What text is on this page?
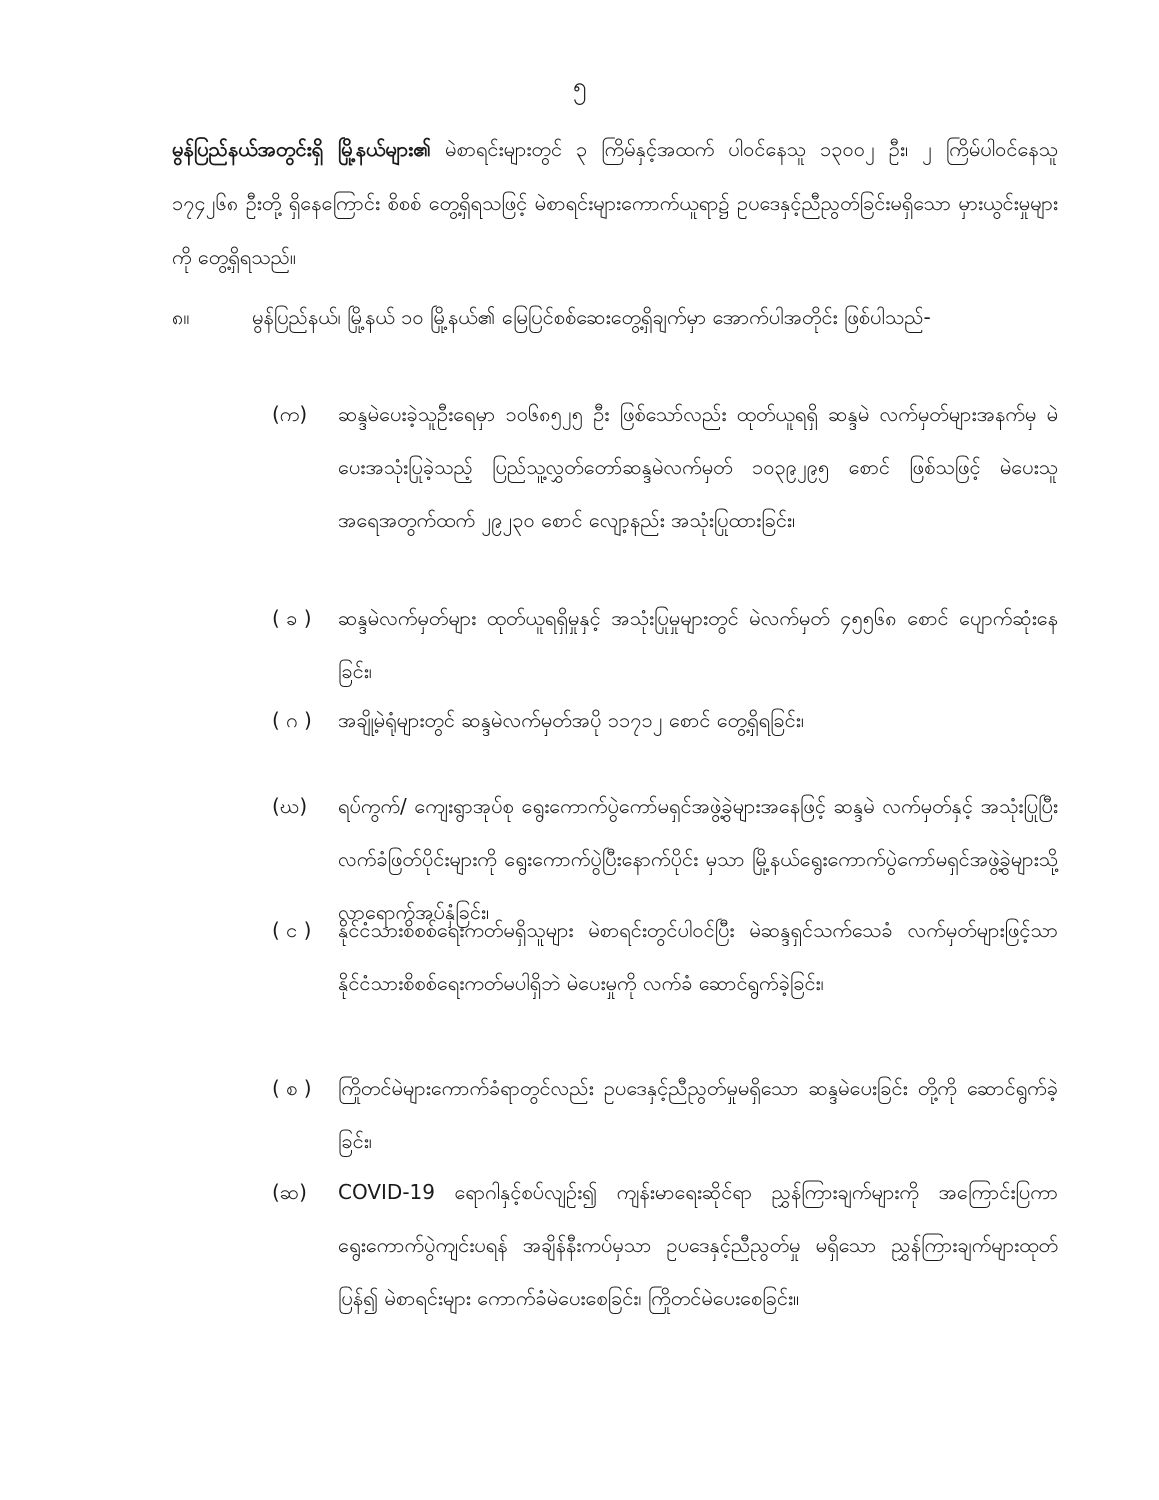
၅
မွန်ပြည်နယ်အတွင်းရှိ မြို့နယ်များ၏ မဲစာရင်းများတွင် ၃ ကြိမ်နှင့်အထက် ပါဝင်နေသူ ၁၃၀၀၂ ဦး၊ ၂ ကြိမ်ပါဝင်နေသူ ၁၇၄၂၆၈ ဦးတို့ ရှိနေကြောင်း စိစစ် တွေ့ရှိရသဖြင့် မဲစာရင်းများကောက်ယူရာ၌ ဥပဒေနှင့်ညီညွတ်ခြင်းမရှိသော မှားယွင်းမှုများကို တွေ့ရှိရသည်။
၈။	မွန်ပြည်နယ်၊ မြို့နယ် ၁၀ မြို့နယ်၏ မြေပြင်စစ်ဆေးတွေ့ရှိချက်မှာ အောက်ပါအတိုင်း ဖြစ်ပါသည်-
(က)	ဆန္ဒမဲပေးခဲ့သူဦးရေမှာ ၁၀၆၈၅၂၅ ဦး ဖြစ်သော်လည်း ထုတ်ယူရရှိ ဆန္ဒမဲ လက်မှတ်များအနက်မှ မဲပေးအသုံးပြုခဲ့သည့် ပြည်သူ့လွှတ်တော်ဆန္ဒမဲလက်မှတ် ၁၀၃၉၂၉၅ စောင် ဖြစ်သဖြင့် မဲပေးသူအရေအတွက်ထက် ၂၉၂၃၀ စောင် လျော့နည်း အသုံးပြုထားခြင်း၊
( ခ )	ဆန္ဒမဲလက်မှတ်များ ထုတ်ယူရရှိမှုနှင့် အသုံးပြုမှုများတွင် မဲလက်မှတ် ၄၅၅၆၈ စောင် ပျောက်ဆုံးနေခြင်း၊
( ဂ )	အချို့မဲရုံများတွင် ဆန္ဒမဲလက်မှတ်အပို ၁၁၇၁၂ စောင် တွေ့ရှိရခြင်း၊
(ဃ)	ရပ်ကွက်/ ကျေးရွာအုပ်စု ရွေးကောက်ပွဲကော်မရှင်အဖွဲ့ခွဲများအနေဖြင့် ဆန္ဒမဲ လက်မှတ်နှင့် အသုံးပြုပြီး လက်ခံဖြတ်ပိုင်းများကို ရွေးကောက်ပွဲပြီးနောက်ပိုင်း မှသာ မြို့နယ်ရွေးကောက်ပွဲကော်မရှင်အဖွဲ့ခွဲများသို့ လာရောက်အပ်နှံခြင်း၊
( င )	နိုင်ငံသားစိစစ်ရေးကတ်မရှိသူများ မဲစာရင်းတွင်ပါဝင်ပြီး မဲဆန္ဒရှင်သက်သေခံ လက်မှတ်များဖြင့်သာ နိုင်ငံသားစိစစ်ရေးကတ်မပါရှိဘဲ မဲပေးမှုကို လက်ခံ ဆောင်ရွက်ခဲ့ခြင်း၊
( စ )	ကြိုတင်မဲများကောက်ခံရာတွင်လည်း ဥပဒေနှင့်ညီညွတ်မှုမရှိသော ဆန္ဒမဲပေးခြင်း တို့ကို ဆောင်ရွက်ခဲ့ခြင်း၊
(ဆ)	COVID-19 ရောဂါနှင့်စပ်လျဉ်း၍ ကျန်းမာရေးဆိုင်ရာ ညွှန်ကြားချက်များကို အကြောင်းပြကာ ရွေးကောက်ပွဲကျင်းပရန် အချိန်နီးကပ်မှသာ ဥပဒေနှင့်ညီညွတ်မှု မရှိသော ညွှန်ကြားချက်များထုတ်ပြန်၍ မဲစာရင်းများ ကောက်ခံမဲပေးစေခြင်း၊ ကြိုတင်မဲပေးစေခြင်း။
